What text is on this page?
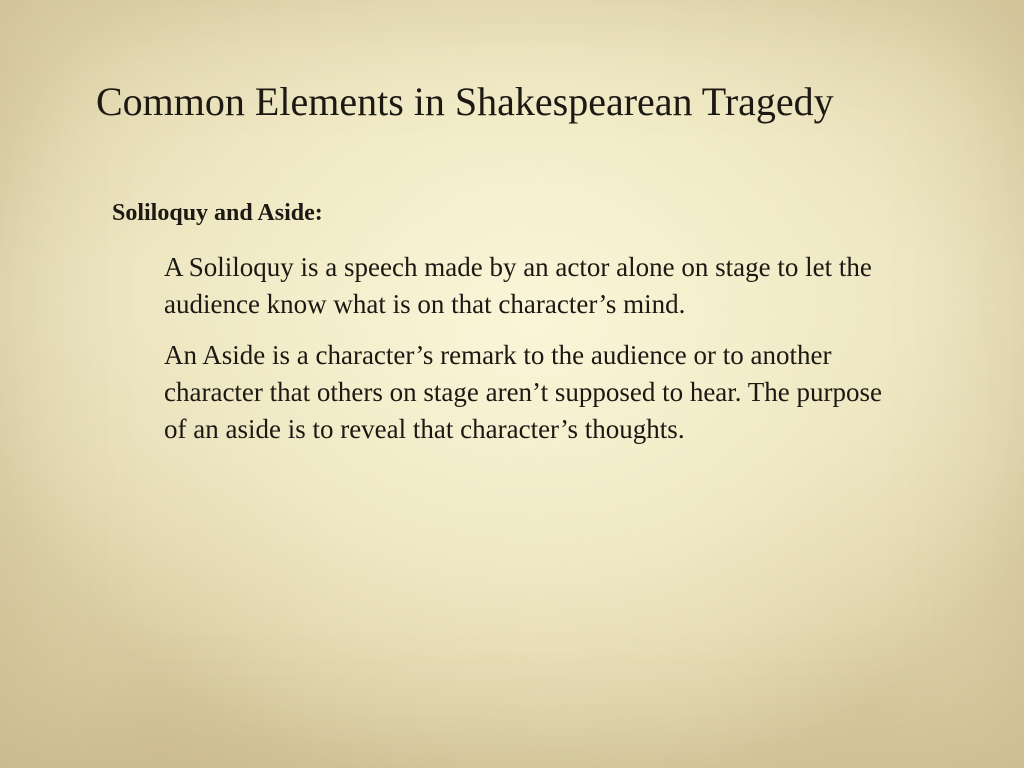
Common Elements in Shakespearean Tragedy

Soliloquy and Aside:

A Soliloquy is a speech made by an actor alone on stage to let the audience know what is on that character’s mind.

An Aside is a character’s remark to the audience or to another character that others on stage aren’t supposed to hear. The purpose of an aside is to reveal that character’s thoughts.
